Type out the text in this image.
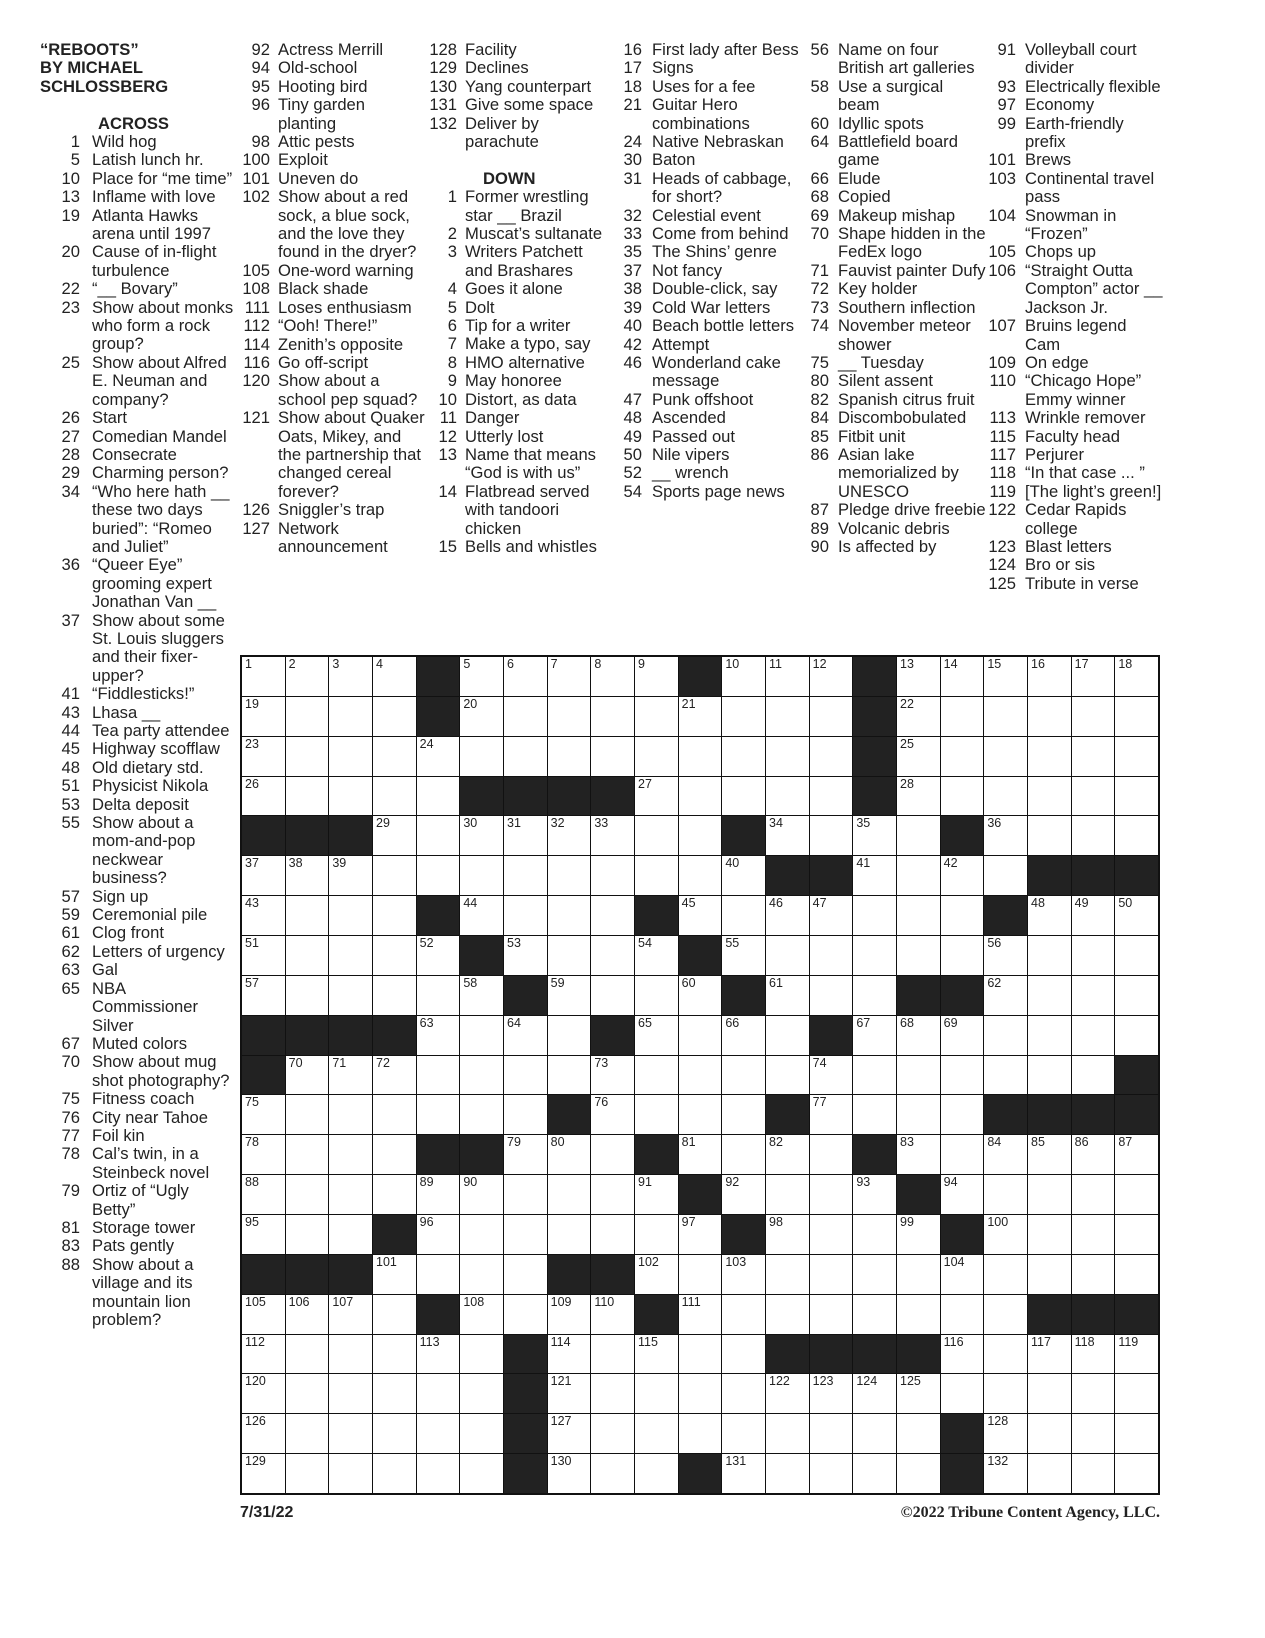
“REBOOTS”
BY MICHAEL SCHLOSSBERG
ACROSS
1 Wild hog
5 Latish lunch hr.
10 Place for “me time”
13 Inflame with love
19 Atlanta Hawks arena until 1997
20 Cause of in-flight turbulence
22 “__ Bovary”
23 Show about monks who form a rock group?
25 Show about Alfred E. Neuman and company?
26 Start
27 Comedian Mandel
28 Consecrate
29 Charming person?
34 “Who here hath __ these two days buried”: “Romeo and Juliet”
36 “Queer Eye” grooming expert Jonathan Van __
37 Show about some St. Louis sluggers and their fixer-upper?
41 “Fiddlesticks!”
43 Lhasa __
44 Tea party attendee
45 Highway scofflaw
48 Old dietary std.
51 Physicist Nikola
53 Delta deposit
55 Show about a mom-and-pop neckwear business?
57 Sign up
59 Ceremonial pile
61 Clog front
62 Letters of urgency
63 Gal
65 NBA Commissioner Silver
67 Muted colors
70 Show about mug shot photography?
75 Fitness coach
76 City near Tahoe
77 Foil kin
78 Cal’s twin, in a Steinbeck novel
79 Ortiz of “Ugly Betty”
81 Storage tower
83 Pats gently
88 Show about a village and its mountain lion problem?
92 Actress Merrill
94 Old-school
95 Hooting bird
96 Tiny garden planting
98 Attic pests
100 Exploit
101 Uneven do
102 Show about a red sock, a blue sock, and the love they found in the dryer?
105 One-word warning
108 Black shade
111 Loses enthusiasm
112 “Ooh! There!”
114 Zenith’s opposite
116 Go off-script
120 Show about a school pep squad?
121 Show about Quaker Oats, Mikey, and the partnership that changed cereal forever?
126 Sniggler’s trap
127 Network announcement
128 Facility
129 Declines
130 Yang counterpart
131 Give some space
132 Deliver by parachute
DOWN
1 Former wrestling star __ Brazil
2 Muscat’s sultanate
3 Writers Patchett and Brashares
4 Goes it alone
5 Dolt
6 Tip for a writer
7 Make a typo, say
8 HMO alternative
9 May honoree
10 Distort, as data
11 Danger
12 Utterly lost
13 Name that means “God is with us”
14 Flatbread served with tandoori chicken
15 Bells and whistles
16 First lady after Bess
17 Signs
18 Uses for a fee
21 Guitar Hero combinations
24 Native Nebraskan
30 Baton
31 Heads of cabbage, for short?
32 Celestial event
33 Come from behind
35 The Shins’ genre
37 Not fancy
38 Double-click, say
39 Cold War letters
40 Beach bottle letters
42 Attempt
46 Wonderland cake message
47 Punk offshoot
48 Ascended
49 Passed out
50 Nile vipers
52 __ wrench
54 Sports page news
56 Name on four British art galleries
58 Use a surgical beam
60 Idyllic spots
64 Battlefield board game
66 Elude
68 Copied
69 Makeup mishap
70 Shape hidden in the FedEx logo
71 Fauvist painter Dufy
72 Key holder
73 Southern inflection
74 November meteor shower
75 __ Tuesday
80 Silent assent
82 Spanish citrus fruit
84 Discombobulated
85 Fitbit unit
86 Asian lake memorialized by UNESCO
87 Pledge drive freebie
89 Volcanic debris
90 Is affected by
91 Volleyball court divider
93 Electrically flexible
97 Economy
99 Earth-friendly prefix
101 Brews
103 Continental travel pass
104 Snowman in “Frozen”
105 Chops up
106 “Straight Outta Compton” actor __ Jackson Jr.
107 Bruins legend Cam
109 On edge
110 “Chicago Hope” Emmy winner
113 Wrinkle remover
115 Faculty head
117 Perjurer
118 “In that case ... ”
119 [The light’s green!]
122 Cedar Rapids college
123 Blast letters
124 Bro or sis
125 Tribute in verse
1	2	3	4	5	6	7	8	9	10 11 12	13 14 15 16 17 18
19	20	21	22
23	24	25
26	27	28
29	30 31 32 33	34	35	36
37 38 39	40	41	42
43	44	45	46 47	48 49 50
51	52	53	54	55	56
57	58	59	60	61	62
63	64	65	66	67 68 69
70 71 72	73	74
75	76	77
78	79 80	81	82	83	84 85 86 87
88	89 90	91	92	93	94
95	96	97	98	99	100
101	102	103	104
105 106 107	108	109 110	111
112	113	114	115	116	117 118 119
120	121	122 123 124 125
126	127	128
129	130	131	132
7/31/22	©2022 Tribune Content Agency, LLC.
